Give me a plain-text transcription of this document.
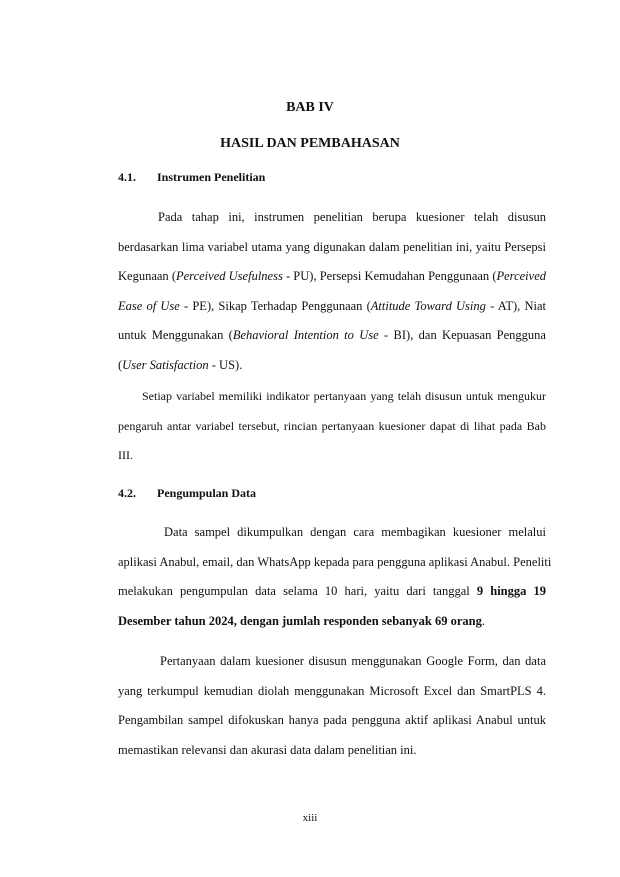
BAB IV
HASIL DAN PEMBAHASAN
4.1. Instrumen Penelitian
Pada tahap ini, instrumen penelitian berupa kuesioner telah disusun
berdasarkan lima variabel utama yang digunakan dalam penelitian ini, yaitu Persepsi
Kegunaan (Perceived Usefulness - PU), Persepsi Kemudahan Penggunaan (Perceived
Ease of Use - PE), Sikap Terhadap Penggunaan (Attitude Toward Using - AT), Niat
untuk Menggunakan (Behavioral Intention to Use - BI), dan Kepuasan Pengguna
(User Satisfaction - US).
Setiap variabel memiliki indikator pertanyaan yang telah disusun untuk mengukur
pengaruh antar variabel tersebut, rincian pertanyaan kuesioner dapat di lihat pada Bab
III.
4.2. Pengumpulan Data
Data sampel dikumpulkan dengan cara membagikan kuesioner melalui
aplikasi Anabul, email, dan WhatsApp kepada para pengguna aplikasi Anabul. Peneliti
melakukan pengumpulan data selama 10 hari, yaitu dari tanggal 9 hingga 19
Desember tahun 2024, dengan jumlah responden sebanyak 69 orang.
Pertanyaan dalam kuesioner disusun menggunakan Google Form, dan data
yang terkumpul kemudian diolah menggunakan Microsoft Excel dan SmartPLS 4.
Pengambilan sampel difokuskan hanya pada pengguna aktif aplikasi Anabul untuk
memastikan relevansi dan akurasi data dalam penelitian ini.
xiii
